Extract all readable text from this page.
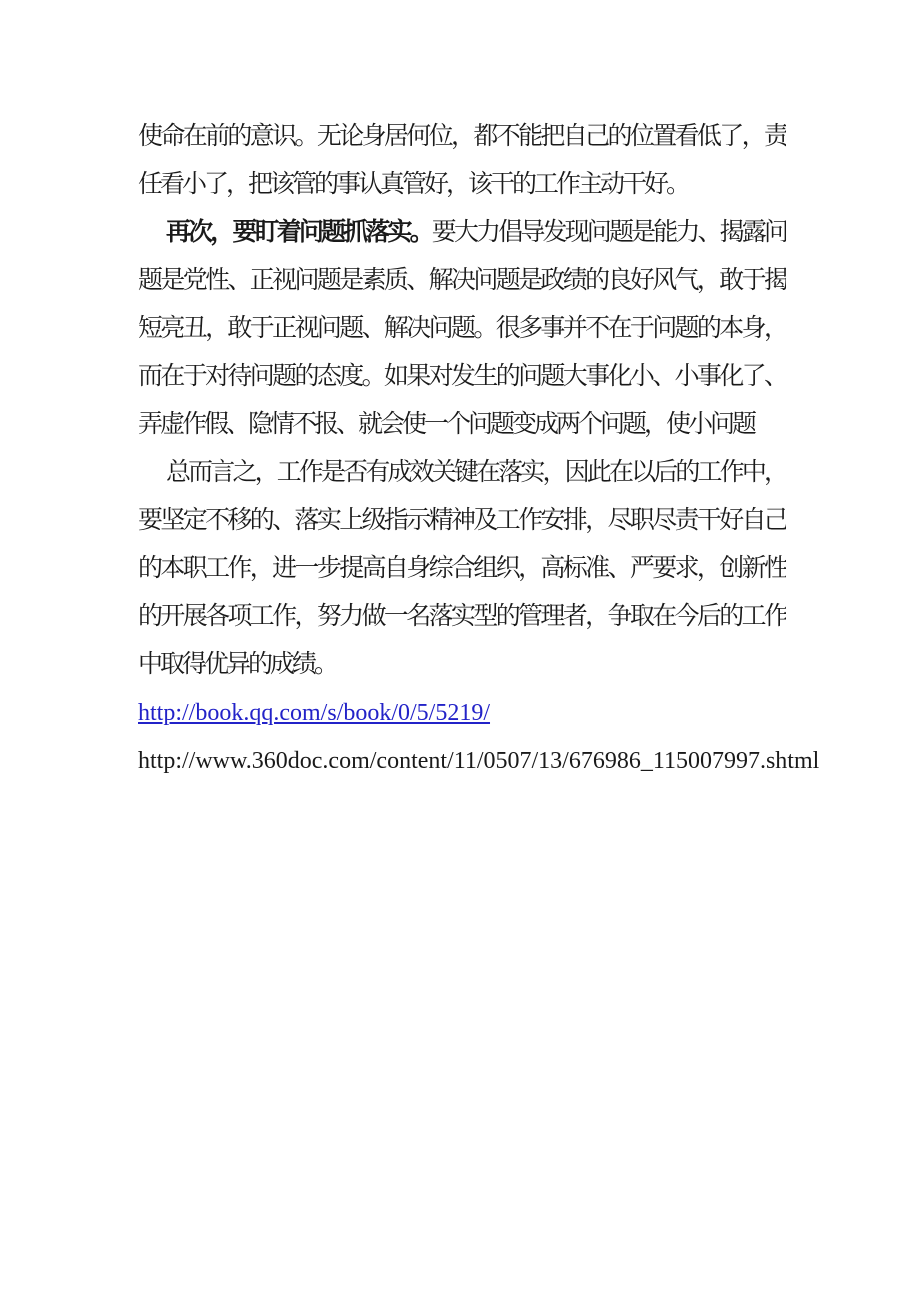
使命在前的意识。无论身居何位，都不能把自己的位置看低了，责
任看小了，把该管的事认真管好，该干的工作主动干好。
再次，要盯着问题抓落实。要大力倡导发现问题是能力、揭露问
题是党性、正视问题是素质、解决问题是政绩的良好风气，敢于揭
短亮丑，敢于正视问题、解决问题。很多事并不在于问题的本身，
而在于对待问题的态度。如果对发生的问题大事化小、小事化了、
弄虚作假、隐情不报、就会使一个问题变成两个问题，使小问题
总而言之，工作是否有成效关键在落实，因此在以后的工作中，
要坚定不移的、落实上级指示精神及工作安排，尽职尽责干好自己
的本职工作，进一步提高自身综合组织，高标准、严要求，创新性
的开展各项工作，努力做一名落实型的管理者，争取在今后的工作
中取得优异的成绩。
http://book.qq.com/s/book/0/5/5219/
http://www.360doc.com/content/11/0507/13/676986_115007997.shtml
